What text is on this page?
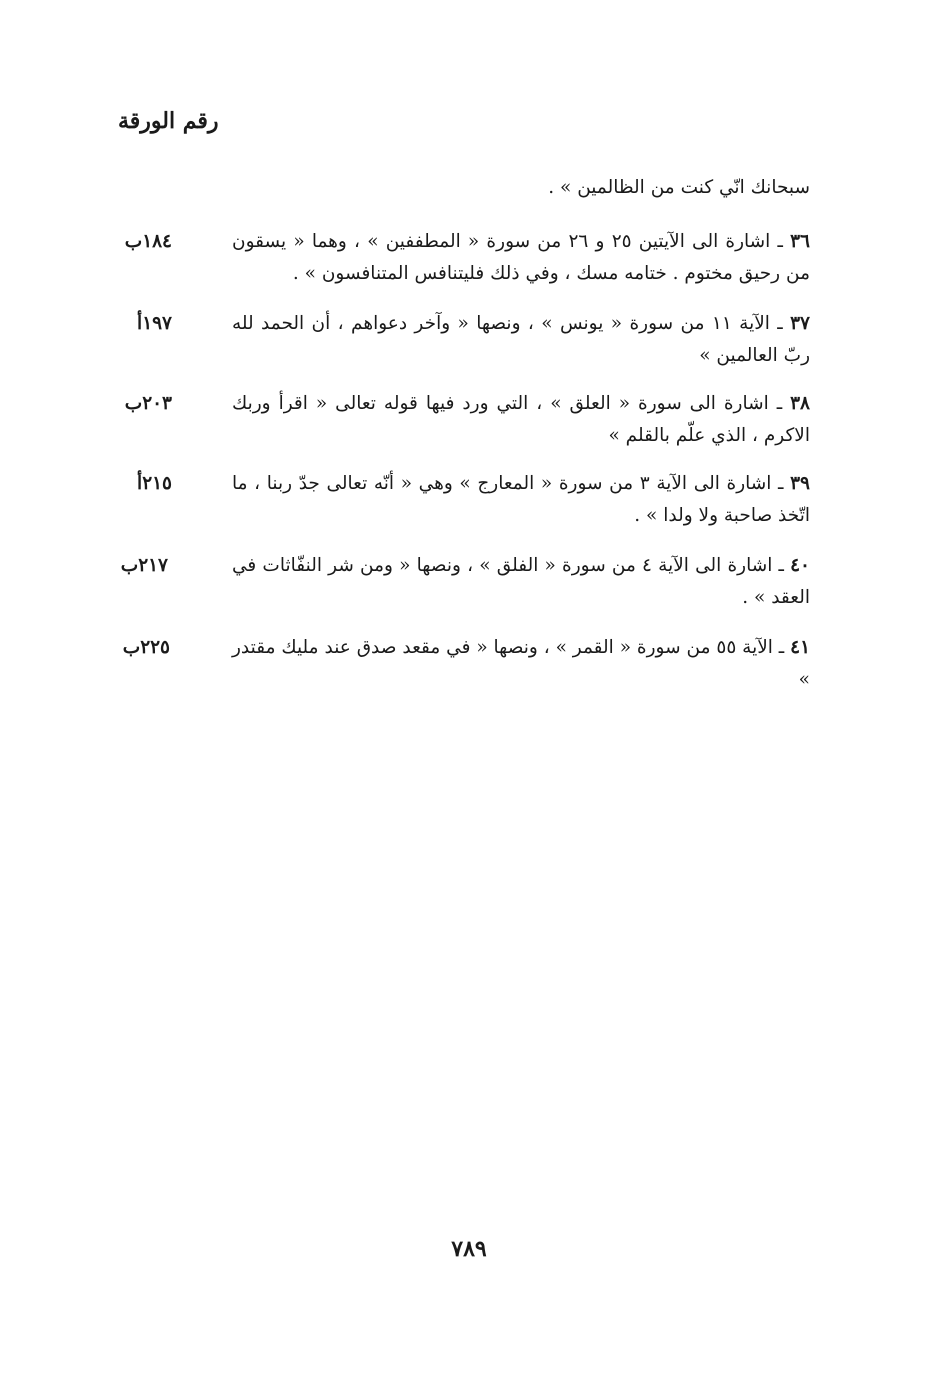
رقم الورقة
سبحانك انّي كنت من الظالمين » .
٣٦ ـ اشارة الى الآيتين ٢٥ و ٢٦ من سورة « المطففين » ، وهما « يسقون من رحيق مختوم . ختامه مسك ، وفي ذلك فليتنافس المتنافسون » .
١٨٤ب
٣٧ ـ الآية ١١ من سورة « يونس » ، ونصها « وآخر دعواهم ، أن الحمد لله ربّ العالمين »
١٩٧أ
٣٨ ـ اشارة الى سورة « العلق » ، التي ورد فيها قوله تعالى « اقرأ وربك الاكرم ، الذي علّم بالقلم »
٢٠٣ب
٣٩ ـ اشارة الى الآية ٣ من سورة « المعارج » وهي « أنّه تعالى جدّ ربنا ، ما اتّخذ صاحبة ولا ولدا » .
٢١٥أ
٤٠ ـ اشارة الى الآية ٤ من سورة « الفلق » ، ونصها « ومن شر النفّاثات في العقد » .
٢١٧ب
٤١ ـ الآية ٥٥ من سورة « القمر » ، ونصها « في مقعد صدق عند مليك مقتدر »
٢٢٥ب
٧٨٩
